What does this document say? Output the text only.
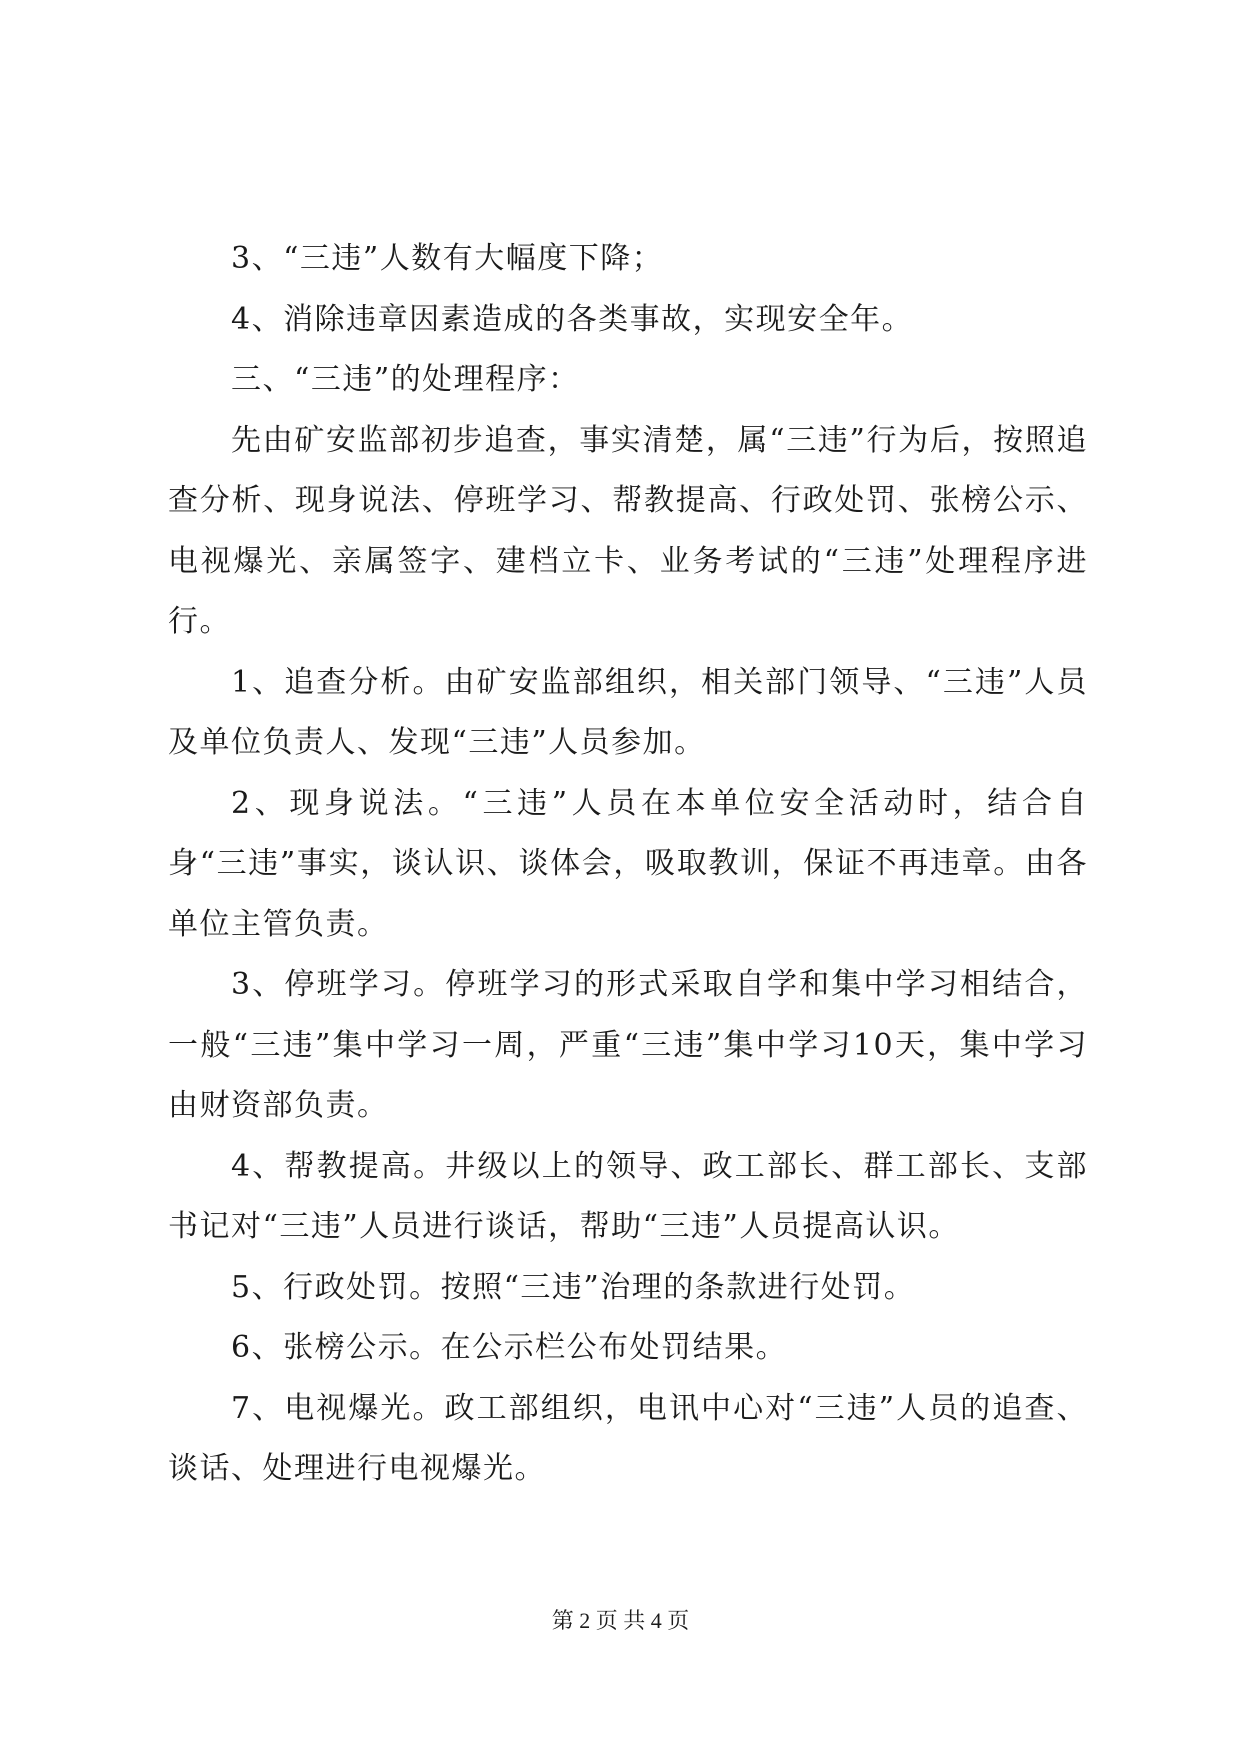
3、“三违”人数有大幅度下降；

4、消除违章因素造成的各类事故，实现安全年。

三、“三违”的处理程序：

先由矿安监部初步追查，事实清楚，属“三违”行为后，按照追查分析、现身说法、停班学习、帮教提高、行政处罚、张榜公示、电视爆光、亲属签字、建档立卡、业务考试的“三违”处理程序进行。

1、追查分析。由矿安监部组织，相关部门领导、“三违”人员及单位负责人、发现“三违”人员参加。

2、现身说法。“三违”人员在本单位安全活动时，结合自身“三违”事实，谈认识、谈体会，吸取教训，保证不再违章。由各单位主管负责。

3、停班学习。停班学习的形式采取自学和集中学习相结合，一般“三违”集中学习一周，严重“三违”集中学习10天，集中学习由财资部负责。

4、帮教提高。井级以上的领导、政工部长、群工部长、支部书记对“三违”人员进行谈话，帮助“三违”人员提高认识。

5、行政处罚。按照“三违”治理的条款进行处罚。

6、张榜公示。在公示栏公布处罚结果。

7、电视爆光。政工部组织，电讯中心对“三违”人员的追查、谈话、处理进行电视爆光。

第 2 页 共 4 页
